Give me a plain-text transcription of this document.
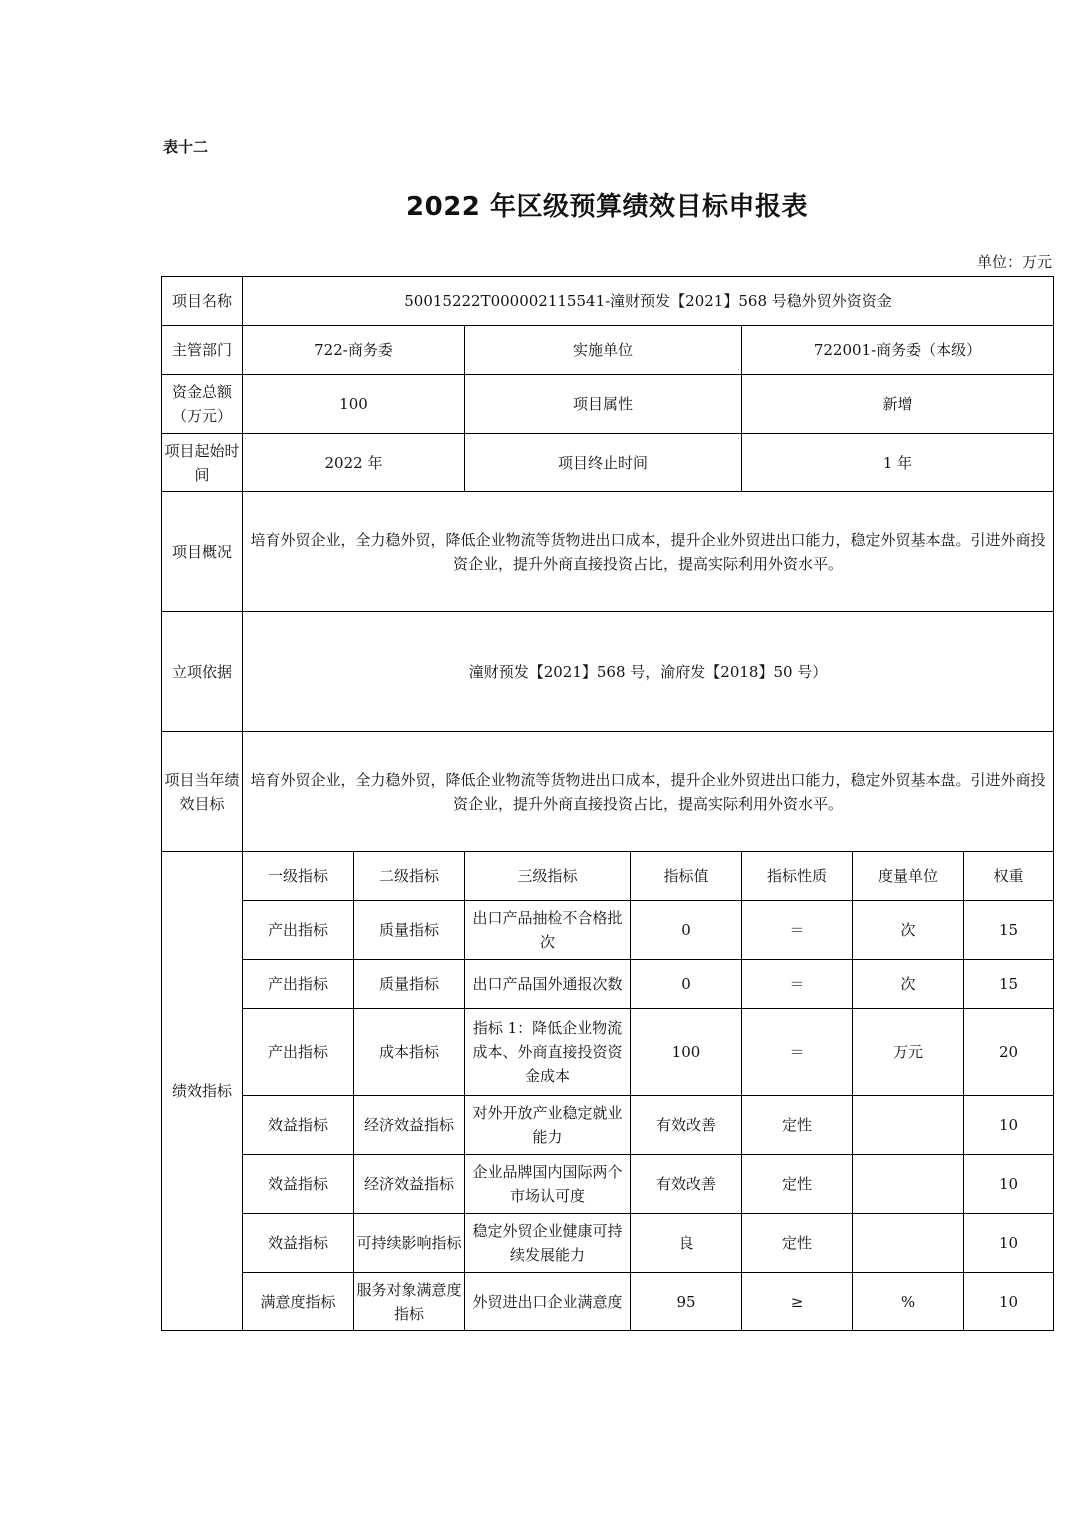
表十二
2022 年区级预算绩效目标申报表
单位：万元
项目名称	50015222T000002115541-潼财预发【2021】568 号稳外贸外资资金						
主管部门	722-商务委		实施单位		722001-商务委（本级）		
资金总额（万元）	100		项目属性		新增		
项目起始时间	2022 年		项目终止时间		1 年		
项目概况	培育外贸企业，全力稳外贸，降低企业物流等货物进出口成本，提升企业外贸进出口能力，稳定外贸基本盘。引进外商投资企业，提升外商直接投资占比，提高实际利用外资水平。						
立项依据	潼财预发【2021】568 号，渝府发【2018】50 号）						
项目当年绩效目标	培育外贸企业，全力稳外贸，降低企业物流等货物进出口成本，提升企业外贸进出口能力，稳定外贸基本盘。引进外商投资企业，提升外商直接投资占比，提高实际利用外资水平。						
绩效指标	一级指标	二级指标	三级指标	指标值	指标性质	度量单位	权重
	产出指标	质量指标	出口产品抽检不合格批次	0	＝	次	15
	产出指标	质量指标	出口产品国外通报次数	0	＝	次	15
	产出指标	成本指标	指标 1：降低企业物流成本、外商直接投资资金成本	100	＝	万元	20
	效益指标	经济效益指标	对外开放产业稳定就业能力	有效改善	定性		10
	效益指标	经济效益指标	企业品牌国内国际两个市场认可度	有效改善	定性		10
	效益指标	可持续影响指标	稳定外贸企业健康可持续发展能力	良	定性		10
	满意度指标	服务对象满意度指标	外贸进出口企业满意度	95	≥	%	10
